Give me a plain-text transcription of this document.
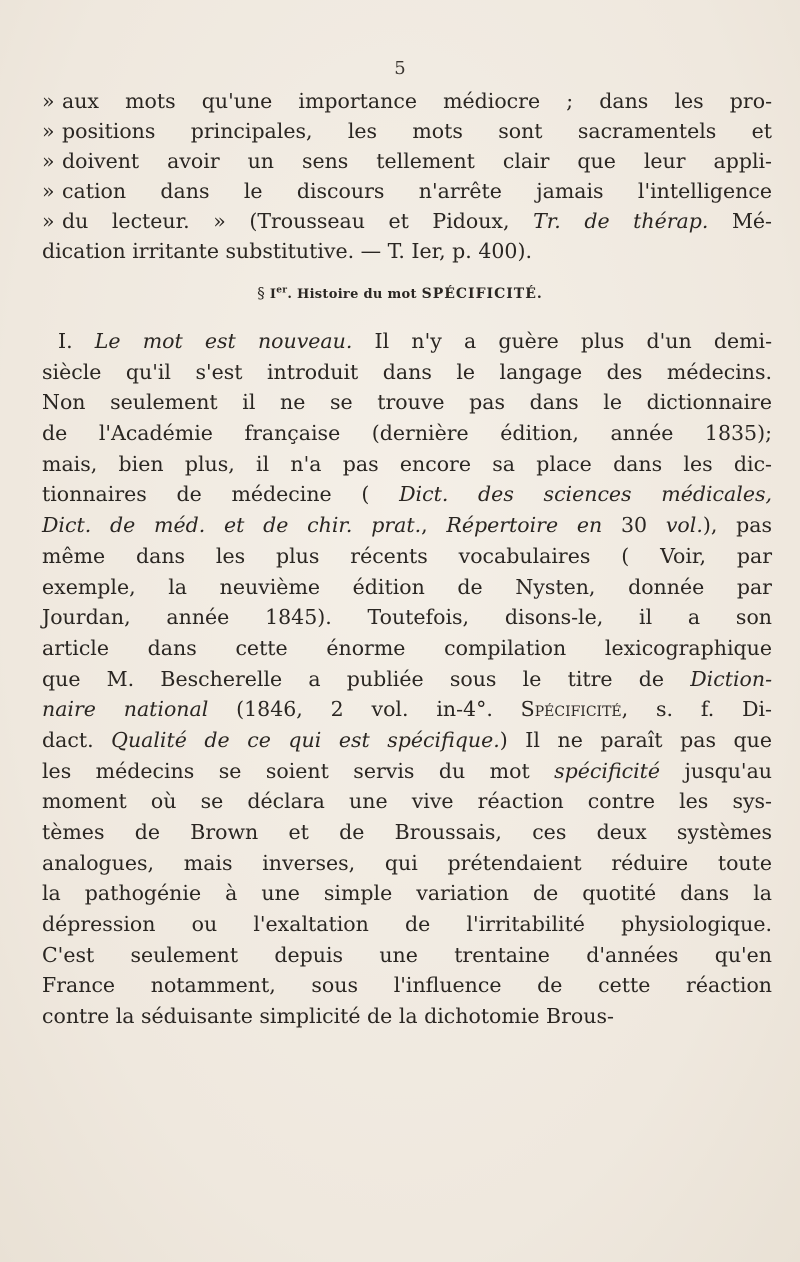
5
» aux mots qu'une importance médiocre ; dans les pro-
» positions principales, les mots sont sacramentels et
» doivent avoir un sens tellement clair que leur appli-
» cation dans le discours n'arrête jamais l'intelligence
» du lecteur. » (Trousseau et Pidoux, Tr. de thérap. Mé-
dication irritante substitutive. — T. Ier, p. 400).
§ Ier. Histoire du mot SPÉCIFICITÉ.
I. Le mot est nouveau. Il n'y a guère plus d'un demi-
siècle qu'il s'est introduit dans le langage des médecins.
Non seulement il ne se trouve pas dans le dictionnaire
de l'Académie française (dernière édition, année 1835);
mais, bien plus, il n'a pas encore sa place dans les dic-
tionnaires de médecine ( Dict. des sciences médicales,
Dict. de méd. et de chir. prat., Répertoire en 30 vol.), pas
même dans les plus récents vocabulaires ( Voir, par
exemple, la neuvième édition de Nysten, donnée par
Jourdan, année 1845). Toutefois, disons-le, il a son
article dans cette énorme compilation lexicographique
que M. Bescherelle a publiée sous le titre de Diction-
naire national (1846, 2 vol. in-4°. Spécificité, s. f. Di-
dact. Qualité de ce qui est spécifique.) Il ne paraît pas que
les médecins se soient servis du mot spécificité jusqu'au
moment où se déclara une vive réaction contre les sys-
tèmes de Brown et de Broussais, ces deux systèmes
analogues, mais inverses, qui prétendaient réduire toute
la pathogénie à une simple variation de quotité dans la
dépression ou l'exaltation de l'irritabilité physiologique.
C'est seulement depuis une trentaine d'années qu'en
France notamment, sous l'influence de cette réaction
contre la séduisante simplicité de la dichotomie Brous-
